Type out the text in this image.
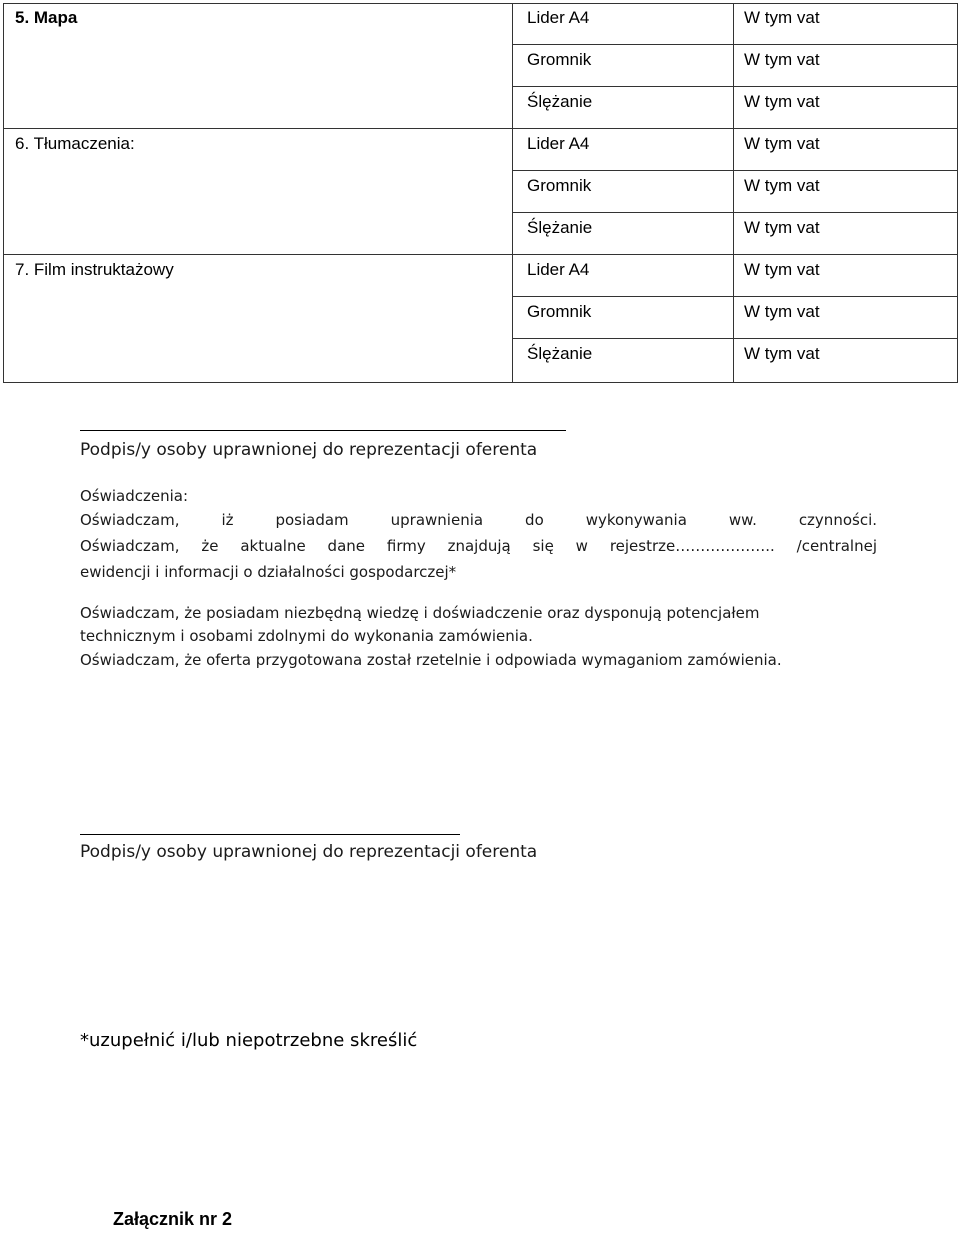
5. Mapa	Lider A4	W tym vat
Gromnik	W tym vat
Ślężanie	W tym vat
6. Tłumaczenia:	Lider A4	W tym vat
Gromnik	W tym vat
Ślężanie	W tym vat
7. Film instruktażowy	Lider A4	W tym vat
Gromnik	W tym vat
Ślężanie	W tym vat
Podpis/y osoby uprawnionej do reprezentacji oferenta
Oświadczenia:
Oświadczam, iż posiadam uprawnienia do wykonywania ww. czynności.
Oświadczam, że aktualne dane firmy znajdują się w rejestrze……………….. /centralnej
ewidencji i informacji o działalności gospodarczej*
Oświadczam, że posiadam niezbędną wiedzę i doświadczenie oraz dysponują potencjałem
technicznym i osobami zdolnymi do wykonania zamówienia.
Oświadczam, że oferta przygotowana został rzetelnie i odpowiada wymaganiom zamówienia.
Podpis/y osoby uprawnionej do reprezentacji oferenta
*uzupełnić i/lub niepotrzebne skreślić
Załącznik nr 2
